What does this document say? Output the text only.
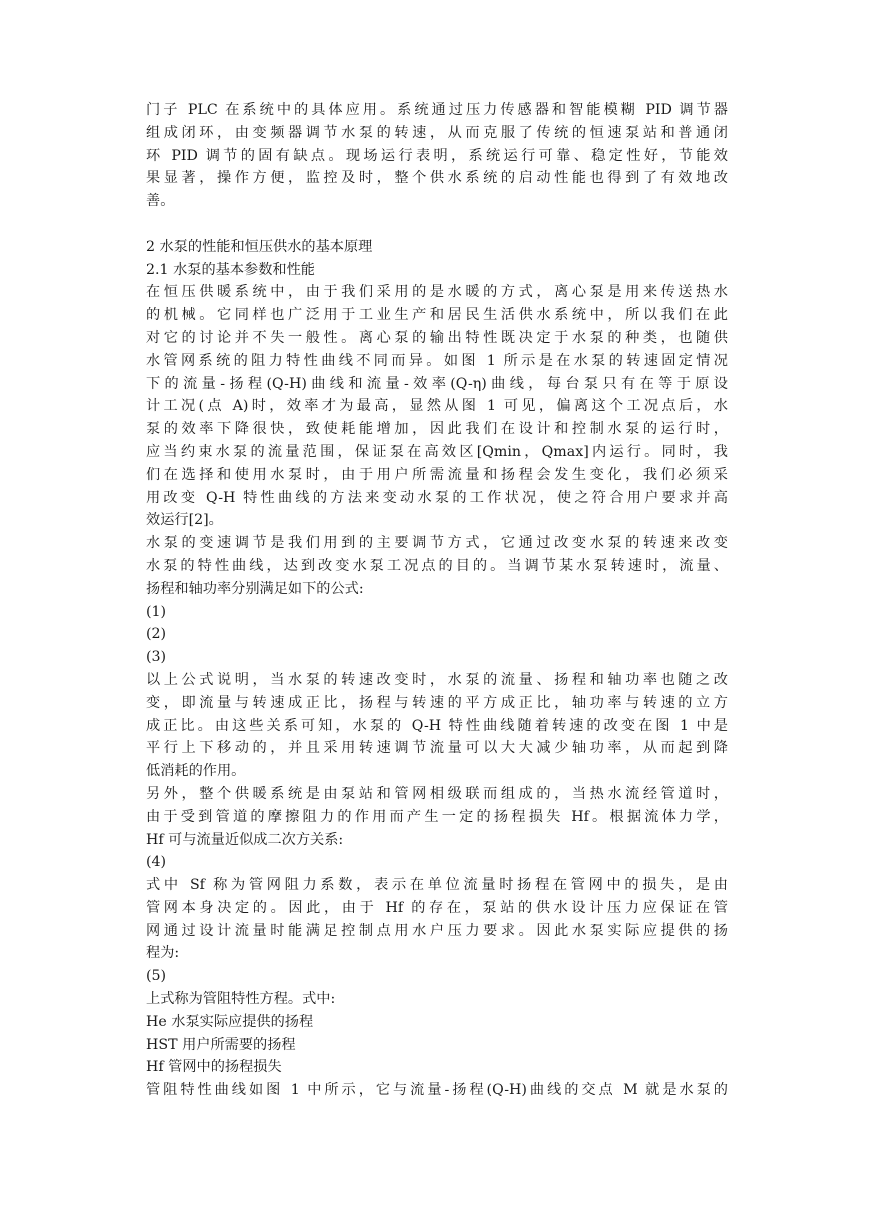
门子 PLC 在系统中的具体应用。系统通过压力传感器和智能模糊 PID 调节器
组成闭环，由变频器调节水泵的转速，从而克服了传统的恒速泵站和普通闭
环 PID 调节的固有缺点。现场运行表明，系统运行可靠、稳定性好，节能效
果显著，操作方便，监控及时，整个供水系统的启动性能也得到了有效地改
善。
2 水泵的性能和恒压供水的基本原理
2.1 水泵的基本参数和性能
在恒压供暖系统中，由于我们采用的是水暖的方式，离心泵是用来传送热水
的机械。它同样也广泛用于工业生产和居民生活供水系统中，所以我们在此
对它的讨论并不失一般性。离心泵的输出特性既决定于水泵的种类，也随供
水管网系统的阻力特性曲线不同而异。如图 1 所示是在水泵的转速固定情况
下的流量-扬程(Q-H)曲线和流量-效率(Q-η)曲线，每台泵只有在等于原设
计工况(点 A)时，效率才为最高，显然从图 1 可见，偏离这个工况点后，水
泵的效率下降很快，致使耗能增加，因此我们在设计和控制水泵的运行时，
应当约束水泵的流量范围，保证泵在高效区[Qmin，Qmax]内运行。同时，我
们在选择和使用水泵时，由于用户所需流量和扬程会发生变化，我们必须采
用改变 Q-H 特性曲线的方法来变动水泵的工作状况，使之符合用户要求并高
效运行[2]。
水泵的变速调节是我们用到的主要调节方式，它通过改变水泵的转速来改变
水泵的特性曲线，达到改变水泵工况点的目的。当调节某水泵转速时，流量、
扬程和轴功率分别满足如下的公式:
(1)
(2)
(3)
以上公式说明，当水泵的转速改变时，水泵的流量、扬程和轴功率也随之改
变，即流量与转速成正比，扬程与转速的平方成正比，轴功率与转速的立方
成正比。由这些关系可知，水泵的 Q-H 特性曲线随着转速的改变在图 1 中是
平行上下移动的，并且采用转速调节流量可以大大减少轴功率，从而起到降
低消耗的作用。
另外，整个供暖系统是由泵站和管网相级联而组成的，当热水流经管道时，
由于受到管道的摩擦阻力的作用而产生一定的扬程损失 Hf。根据流体力学，
Hf 可与流量近似成二次方关系:
(4)
式中 Sf 称为管网阻力系数，表示在单位流量时扬程在管网中的损失，是由
管网本身决定的。因此，由于 Hf 的存在，泵站的供水设计压力应保证在管
网通过设计流量时能满足控制点用水户压力要求。因此水泵实际应提供的扬
程为:
(5)
上式称为管阻特性方程。式中:
He 水泵实际应提供的扬程
HST 用户所需要的扬程
Hf 管网中的扬程损失
管阻特性曲线如图 1 中所示，它与流量-扬程(Q-H)曲线的交点 M 就是水泵的
